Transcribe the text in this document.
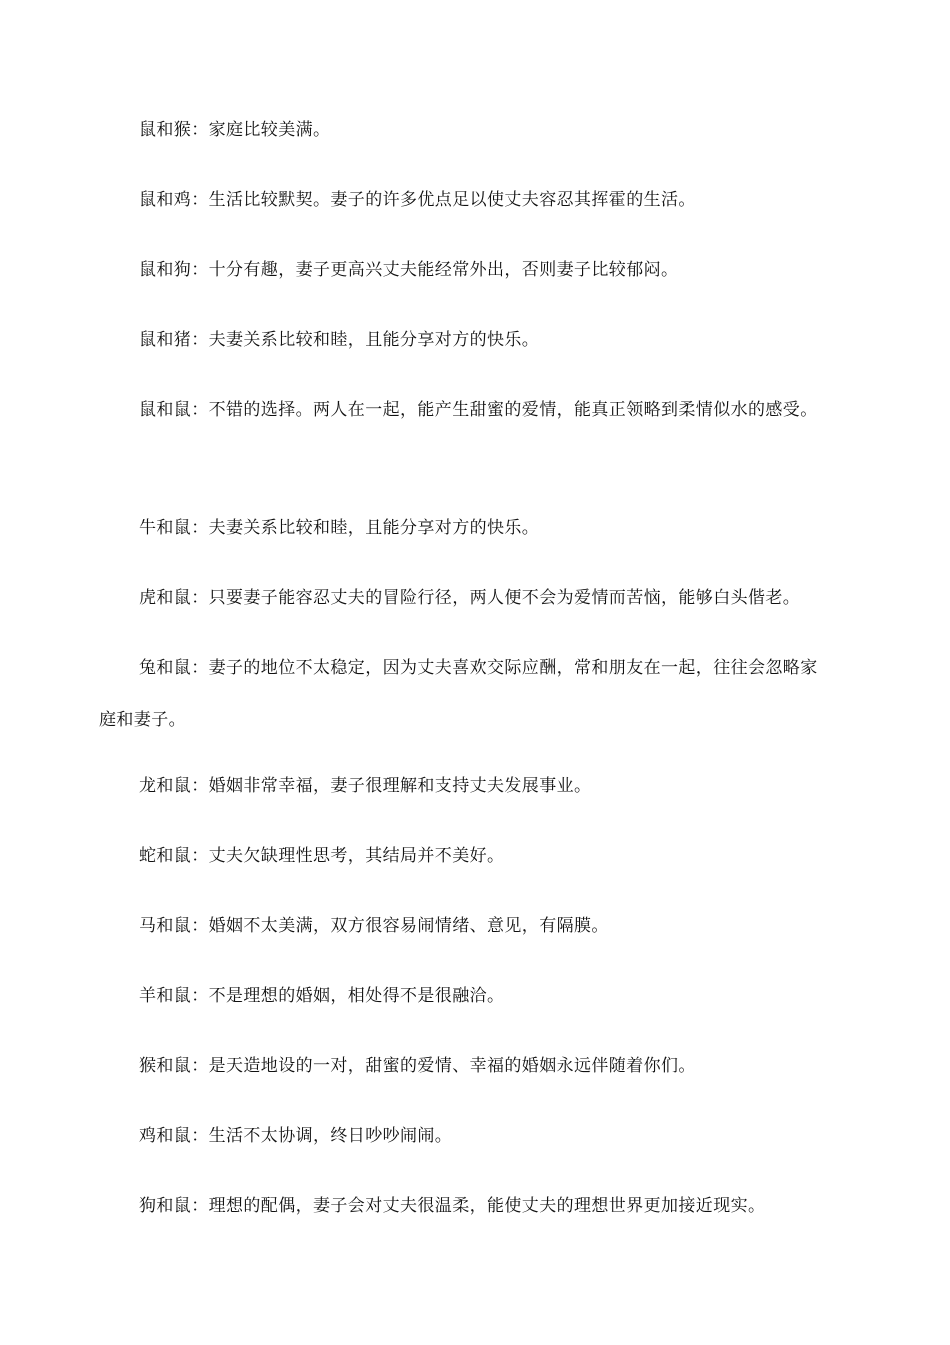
鼠和猴：家庭比较美满。

鼠和鸡：生活比较默契。妻子的许多优点足以使丈夫容忍其挥霍的生活。

鼠和狗：十分有趣，妻子更高兴丈夫能经常外出，否则妻子比较郁闷。

鼠和猪：夫妻关系比较和睦，且能分享对方的快乐。

鼠和鼠：不错的选择。两人在一起，能产生甜蜜的爱情，能真正领略到柔情似水的感受。

牛和鼠：夫妻关系比较和睦，且能分享对方的快乐。

虎和鼠：只要妻子能容忍丈夫的冒险行径，两人便不会为爱情而苦恼，能够白头偕老。

兔和鼠：妻子的地位不太稳定，因为丈夫喜欢交际应酬，常和朋友在一起，往往会忽略家庭和妻子。

龙和鼠：婚姻非常幸福，妻子很理解和支持丈夫发展事业。

蛇和鼠：丈夫欠缺理性思考，其结局并不美好。

马和鼠：婚姻不太美满，双方很容易闹情绪、意见，有隔膜。

羊和鼠：不是理想的婚姻，相处得不是很融洽。

猴和鼠：是天造地设的一对，甜蜜的爱情、幸福的婚姻永远伴随着你们。

鸡和鼠：生活不太协调，终日吵吵闹闹。

狗和鼠：理想的配偶，妻子会对丈夫很温柔，能使丈夫的理想世界更加接近现实。
